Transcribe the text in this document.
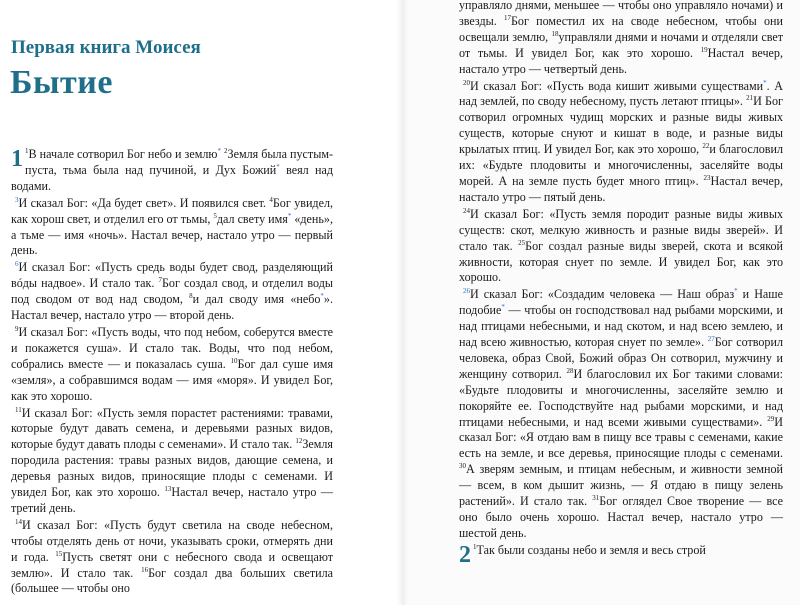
Первая книга Моисея
Бытие

1 $^1$В начале сотворил Бог небо и землю* $^2$Земля была пустым-пуста, тьма была над пучиной, и Дух Божий* веял над водами.

$^3$И сказал Бог: «Да будет свет». И появился свет. $^4$Бог увидел, как хорош свет, и отделил его от тьмы, $^5$дал свету имя* «день», а тьме — имя «ночь». Настал вечер, настало утро — первый день.

$^6$И сказал Бог: «Пусть средь воды будет свод, разделяющий вóды надвое». И стало так. $^7$Бог создал свод, и отделил воды под сводом от вод над сводом, $^8$и дал своду имя «небо*». Настал вечер, настало утро — второй день.

$^9$И сказал Бог: «Пусть воды, что под небом, соберутся вместе и покажется суша». И стало так. Воды, что под небом, собрались вместе — и показалась суша. $^{10}$Бог дал суше имя «земля», а собравшимся водам — имя «моря». И увидел Бог, как это хорошо.

$^{11}$И сказал Бог: «Пусть земля порастет растениями: травами, которые будут давать семена, и деревьями разных видов, которые будут давать плоды с семенами». И стало так. $^{12}$Земля породила растения: травы разных видов, дающие семена, и деревья разных видов, приносящие плоды с семенами. И увидел Бог, как это хорошо. $^{13}$Настал вечер, настало утро — третий день.

$^{14}$И сказал Бог: «Пусть будут светила на своде небесном, чтобы отделять день от ночи, указывать сроки, отмерять дни и года. $^{15}$Пусть светят они с небесного свода и освещают землю». И стало так. $^{16}$Бог создал два больших светила (большее — чтобы оно

управляло днями, меньшее — чтобы оно управляло ночами) и звезды. $^{17}$Бог поместил их на своде небесном, чтобы они освещали землю, $^{18}$управляли днями и ночами и отделяли свет от тьмы. И увидел Бог, как это хорошо. $^{19}$Настал вечер, настало утро — четвертый день.

$^{20}$И сказал Бог: «Пусть вода кишит живыми существами*. А над землей, по своду небесному, пусть летают птицы». $^{21}$И Бог сотворил огромных чудищ морских и разные виды живых существ, которые снуют и кишат в воде, и разные виды крылатых птиц. И увидел Бог, как это хорошо, $^{22}$и благословил их: «Будьте плодовиты и многочисленны, заселяйте воды морей. А на земле пусть будет много птиц». $^{23}$Настал вечер, настало утро — пятый день.

$^{24}$И сказал Бог: «Пусть земля породит разные виды живых существ: скот, мелкую живность и разные виды зверей». И стало так. $^{25}$Бог создал разные виды зверей, скота и всякой живности, которая снует по земле. И увидел Бог, как это хорошо.

$^{26}$И сказал Бог: «Создадим человека — Наш образ* и Наше подобие* — чтобы он господствовал над рыбами морскими, и над птицами небесными, и над скотом, и над всею землею, и над всею живностью, которая снует по земле». $^{27}$Бог сотворил человека, образ Свой, Божий образ Он сотворил, мужчину и женщину сотворил. $^{28}$И благословил их Бог такими словами: «Будьте плодовиты и многочисленны, заселяйте землю и покоряйте ее. Господствуйте над рыбами морскими, и над птицами небесными, и над всеми живыми существами». $^{29}$И сказал Бог: «Я отдаю вам в пищу все травы с семенами, какие есть на земле, и все деревья, приносящие плоды с семенами. $^{30}$А зверям земным, и птицам небесным, и живности земной — всем, в ком дышит жизнь, — Я отдаю в пищу зелень растений». И стало так. $^{31}$Бог оглядел Свое творение — все оно было очень хорошо. Настал вечер, настало утро — шестой день.

2 $^1$Так были созданы небо и земля и весь строй
